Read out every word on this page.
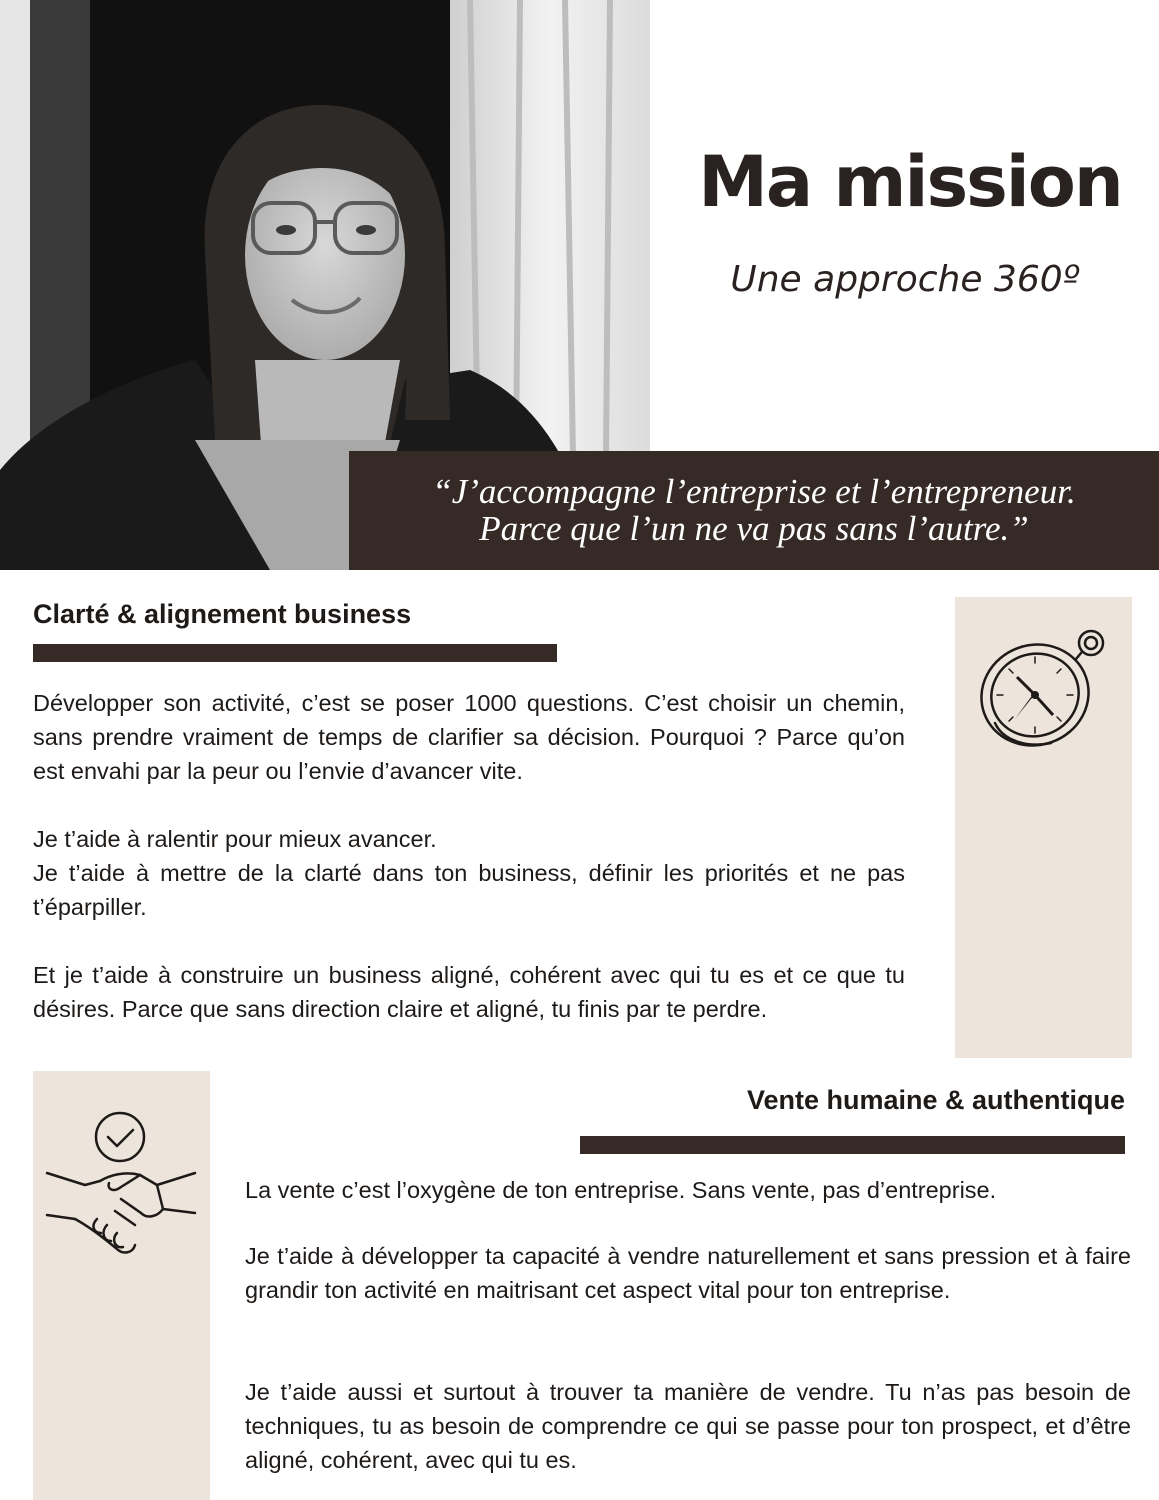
Ma mission
Une approche 360º
“J’accompagne l’entreprise et l’entrepreneur.
Parce que l’un ne va pas sans l’autre.”
Clarté & alignement business

Développer son activité, c’est se poser 1000 questions. C’est choisir un chemin, sans prendre vraiment de temps de clarifier sa décision. Pourquoi ? Parce qu’on est envahi par la peur ou l’envie d’avancer vite.

Je t’aide à ralentir pour mieux avancer.

Je t’aide à mettre de la clarté dans ton business, définir les priorités et ne pas t’éparpiller.

Et je t’aide à construire un business aligné, cohérent avec qui tu es et ce que tu désires. Parce que sans direction claire et aligné, tu finis par te perdre.

Vente humaine & authentique

La vente c’est l’oxygène de ton entreprise. Sans vente, pas d’entreprise.

Je t’aide à développer ta capacité à vendre naturellement et sans pression et à faire grandir ton activité en maitrisant cet aspect vital pour ton entreprise.

Je t’aide aussi et surtout à trouver ta manière de vendre. Tu n’as pas besoin de techniques, tu as besoin de comprendre ce qui se passe pour ton prospect, et d’être aligné, cohérent, avec qui tu es.
